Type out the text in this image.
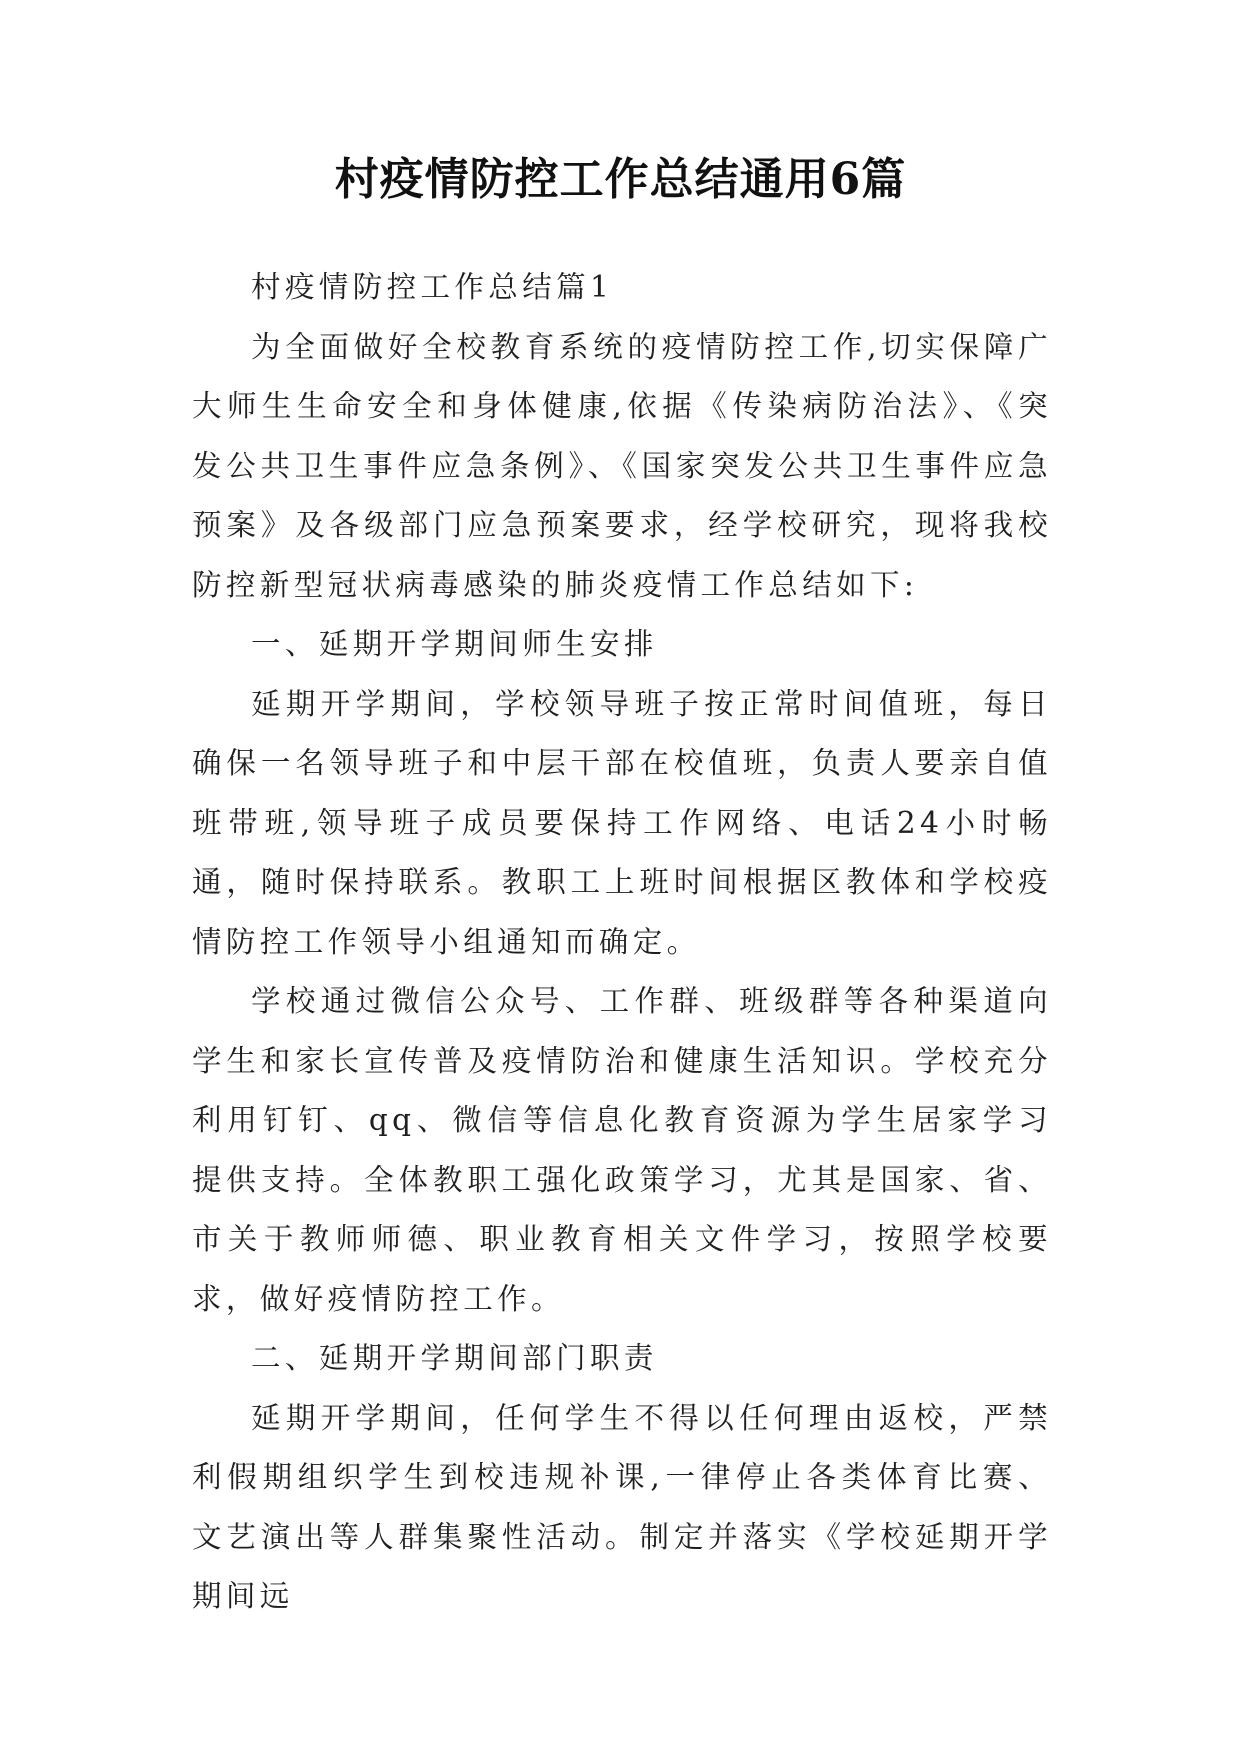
村疫情防控工作总结通用6篇

村疫情防控工作总结篇1

为全面做好全校教育系统的疫情防控工作,切实保障广大师生生命安全和身体健康,依据《传染病防治法》、《突发公共卫生事件应急条例》、《国家突发公共卫生事件应急预案》及各级部门应急预案要求，经学校研究，现将我校防控新型冠状病毒感染的肺炎疫情工作总结如下:

一、延期开学期间师生安排

延期开学期间，学校领导班子按正常时间值班，每日确保一名领导班子和中层干部在校值班，负责人要亲自值班带班,领导班子成员要保持工作网络、电话24小时畅通，随时保持联系。教职工上班时间根据区教体和学校疫情防控工作领导小组通知而确定。

学校通过微信公众号、工作群、班级群等各种渠道向学生和家长宣传普及疫情防治和健康生活知识。学校充分利用钉钉、qq、微信等信息化教育资源为学生居家学习提供支持。全体教职工强化政策学习，尤其是国家、省、市关于教师师德、职业教育相关文件学习，按照学校要求，做好疫情防控工作。

二、延期开学期间部门职责

延期开学期间，任何学生不得以任何理由返校，严禁利假期组织学生到校违规补课,一律停止各类体育比赛、文艺演出等人群集聚性活动。制定并落实《学校延期开学期间远
